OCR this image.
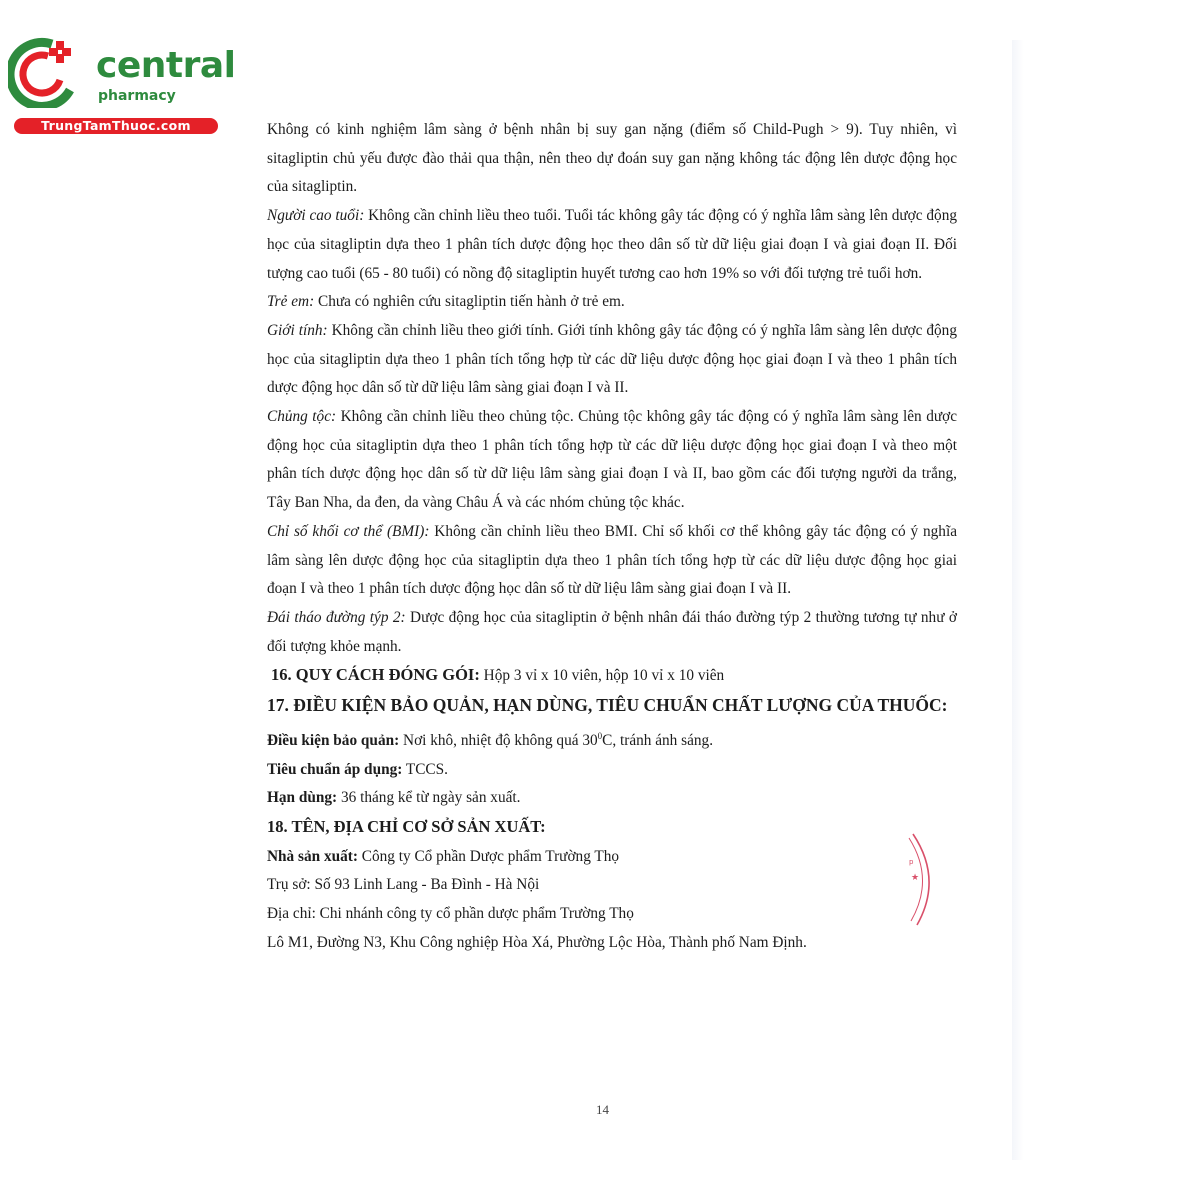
central
pharmacy
TrungTamThuoc.com	Không có kinh nghiệm lâm sàng ở bệnh nhân bị suy gan nặng (điểm số Child-Pugh > 9). Tuy nhiên, vì sitagliptin chủ yếu được đào thải qua thận, nên theo dự đoán suy gan nặng không tác động lên dược động học của sitagliptin.

Người cao tuổi: Không cần chỉnh liều theo tuổi. Tuổi tác không gây tác động có ý nghĩa lâm sàng lên dược động học của sitagliptin dựa theo 1 phân tích dược động học theo dân số từ dữ liệu giai đoạn I và giai đoạn II. Đối tượng cao tuổi (65 - 80 tuổi) có nồng độ sitagliptin huyết tương cao hơn 19% so với đối tượng trẻ tuổi hơn.

Trẻ em: Chưa có nghiên cứu sitagliptin tiến hành ở trẻ em.

Giới tính: Không cần chỉnh liều theo giới tính. Giới tính không gây tác động có ý nghĩa lâm sàng lên dược động học của sitagliptin dựa theo 1 phân tích tổng hợp từ các dữ liệu dược động học giai đoạn I và theo 1 phân tích dược động học dân số từ dữ liệu lâm sàng giai đoạn I và II.

Chủng tộc: Không cần chỉnh liều theo chủng tộc. Chủng tộc không gây tác động có ý nghĩa lâm sàng lên dược động học của sitagliptin dựa theo 1 phân tích tổng hợp từ các dữ liệu dược động học giai đoạn I và theo một phân tích dược động học dân số từ dữ liệu lâm sàng giai đoạn I và II, bao gồm các đối tượng người da trắng, Tây Ban Nha, da đen, da vàng Châu Á và các nhóm chủng tộc khác.

Chỉ số khối cơ thể (BMI): Không cần chỉnh liều theo BMI. Chỉ số khối cơ thể không gây tác động có ý nghĩa lâm sàng lên dược động học của sitagliptin dựa theo 1 phân tích tổng hợp từ các dữ liệu dược động học giai đoạn I và theo 1 phân tích dược động học dân số từ dữ liệu lâm sàng giai đoạn I và II.

Đái tháo đường týp 2: Dược động học của sitagliptin ở bệnh nhân đái tháo đường týp 2 thường tương tự như ở đối tượng khỏe mạnh.

16. QUY CÁCH ĐÓNG GÓI: Hộp 3 vỉ x 10 viên, hộp 10 vỉ x 10 viên

17. ĐIỀU KIỆN BẢO QUẢN, HẠN DÙNG, TIÊU CHUẨN CHẤT LƯỢNG CỦA THUỐC:

Điều kiện bảo quản: Nơi khô, nhiệt độ không quá $30^0C$, tránh ánh sáng.

Tiêu chuẩn áp dụng: TCCS.

Hạn dùng: 36 tháng kể từ ngày sản xuất.

18. TÊN, ĐỊA CHỈ CƠ SỞ SẢN XUẤT:

Nhà sản xuất: Công ty Cổ phần Dược phẩm Trường Thọ

Trụ sở: Số 93 Linh Lang - Ba Đình - Hà Nội

Địa chỉ: Chi nhánh công ty cổ phần dược phẩm Trường Thọ

Lô M1, Đường N3, Khu Công nghiệp Hòa Xá, Phường Lộc Hòa, Thành phố Nam Định.

p
★
14
